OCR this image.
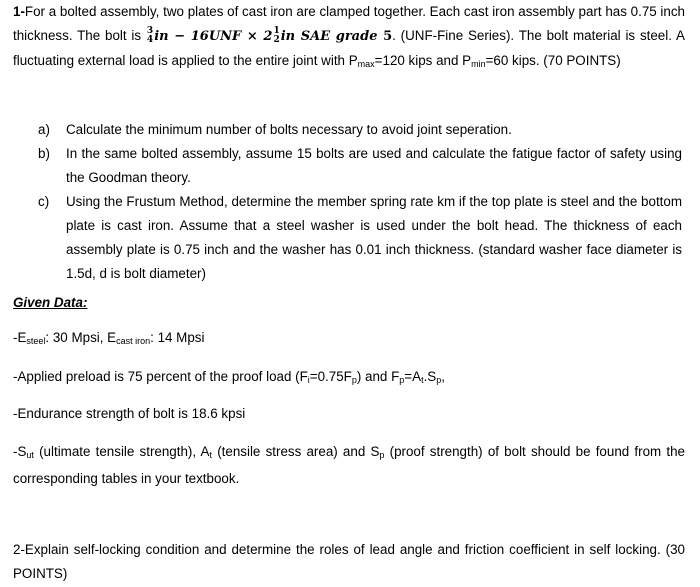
1-For a bolted assembly, two plates of cast iron are clamped together. Each cast iron assembly part has 0.75 inch thickness. The bolt is 3
4 in − 16UNF × 2 1
2 in SAE grade 5. (UNF-Fine Series). The bolt material is steel. A fluctuating external load is applied to the entire joint with $P_{max}=120$ kips and $P_{min}=60$ kips. (70 POINTS)

a) Calculate the minimum number of bolts necessary to avoid joint seperation.
b) In the same bolted assembly, assume 15 bolts are used and calculate the fatigue factor of safety using the Goodman theory.
c) Using the Frustum Method, determine the member spring rate km if the top plate is steel and the bottom plate is cast iron. Assume that a steel washer is used under the bolt head. The thickness of each assembly plate is 0.75 inch and the washer has 0.01 inch thickness. (standard washer face diameter is 1.5d, d is bolt diameter)
Given Data:

$-E_{steel}$: 30 Mpsi, $E_{cast iron}$: 14 Mpsi

-Applied preload is 75 percent of the proof load $(F_i=0.75F_p)$ and $F_p=A_t.S_p$,

-Endurance strength of bolt is 18.6 kpsi

$-S_{ut}$ (ultimate tensile strength), $A_t$ (tensile stress area) and $S_p$ (proof strength) of bolt should be found from the corresponding tables in your textbook.

2-Explain self-locking condition and determine the roles of lead angle and friction coefficient in self locking. (30 POINTS)
